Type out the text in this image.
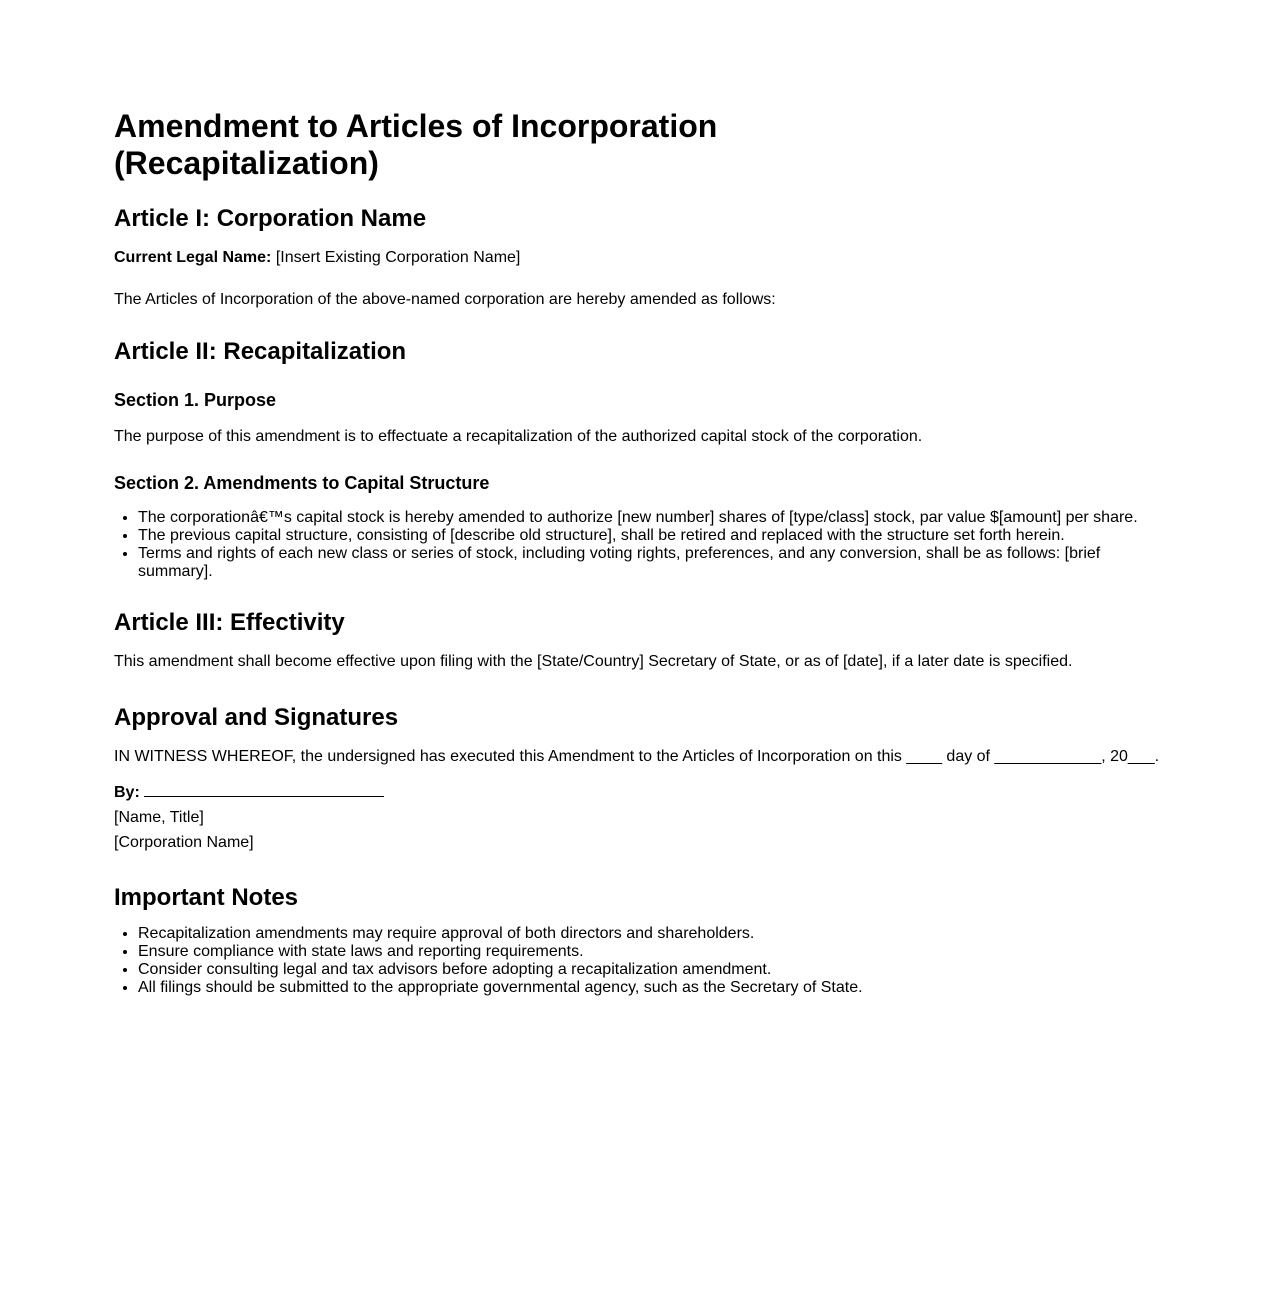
Amendment to Articles of Incorporation (Recapitalization)
Article I: Corporation Name

Current Legal Name: [Insert Existing Corporation Name]

The Articles of Incorporation of the above-named corporation are hereby amended as follows:

Article II: Recapitalization
Section 1. Purpose

The purpose of this amendment is to effectuate a recapitalization of the authorized capital stock of the corporation.

Section 2. Amendments to Capital Structure
• The corporationâ€™s capital stock is hereby amended to authorize [new number] shares of [type/class] stock, par value $[amount] per share.
• The previous capital structure, consisting of [describe old structure], shall be retired and replaced with the structure set forth herein.
• Terms and rights of each new class or series of stock, including voting rights, preferences, and any conversion, shall be as follows: [brief summary].
Article III: Effectivity

This amendment shall become effective upon filing with the [State/Country] Secretary of State, or as of [date], if a later date is specified.

Approval and Signatures

IN WITNESS WHEREOF, the undersigned has executed this Amendment to the Articles of Incorporation on this ____ day of ____________, 20___.

By:

[Name, Title]

[Corporation Name]

Important Notes
• Recapitalization amendments may require approval of both directors and shareholders.
• Ensure compliance with state laws and reporting requirements.
• Consider consulting legal and tax advisors before adopting a recapitalization amendment.
• All filings should be submitted to the appropriate governmental agency, such as the Secretary of State.
